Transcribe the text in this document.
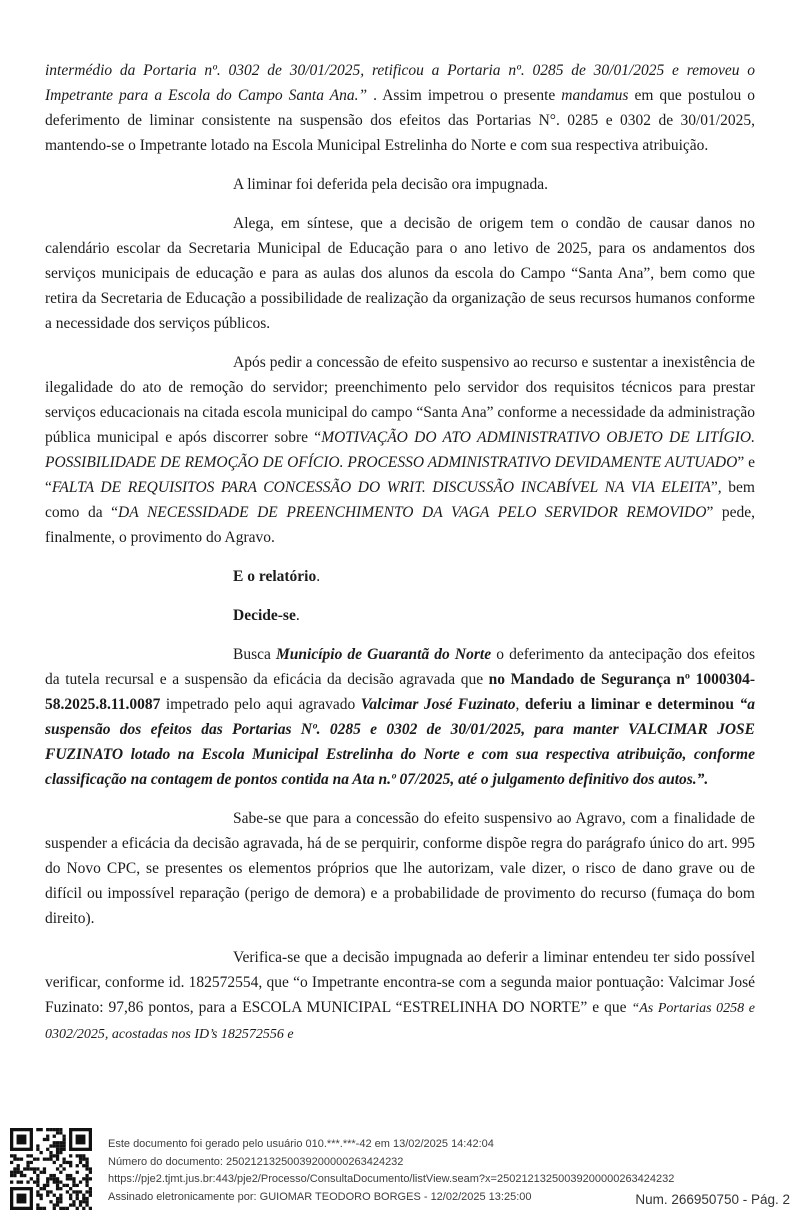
intermédio da Portaria nº. 0302 de 30/01/2025, retificou a Portaria nº. 0285 de 30/01/2025 e removeu o Impetrante para a Escola do Campo Santa Ana.” . Assim impetrou o presente mandamus em que postulou o deferimento de liminar consistente na suspensão dos efeitos das Portarias N°. 0285 e 0302 de 30/01/2025, mantendo-se o Impetrante lotado na Escola Municipal Estrelinha do Norte e com sua respectiva atribuição.

A liminar foi deferida pela decisão ora impugnada.

Alega, em síntese, que a decisão de origem tem o condão de causar danos no calendário escolar da Secretaria Municipal de Educação para o ano letivo de 2025, para os andamentos dos serviços municipais de educação e para as aulas dos alunos da escola do Campo “Santa Ana”, bem como que retira da Secretaria de Educação a possibilidade de realização da organização de seus recursos humanos conforme a necessidade dos serviços públicos.

Após pedir a concessão de efeito suspensivo ao recurso e sustentar a inexistência de ilegalidade do ato de remoção do servidor; preenchimento pelo servidor dos requisitos técnicos para prestar serviços educacionais na citada escola municipal do campo “Santa Ana” conforme a necessidade da administração pública municipal e após discorrer sobre “MOTIVAÇÃO DO ATO ADMINISTRATIVO OBJETO DE LITÍGIO. POSSIBILIDADE DE REMOÇÃO DE OFÍCIO. PROCESSO ADMINISTRATIVO DEVIDAMENTE AUTUADO” e “FALTA DE REQUISITOS PARA CONCESSÃO DO WRIT. DISCUSSÃO INCABÍVEL NA VIA ELEITA”, bem como da “DA NECESSIDADE DE PREENCHIMENTO DA VAGA PELO SERVIDOR REMOVIDO” pede, finalmente, o provimento do Agravo.

E o relatório.

Decide-se.

Busca Município de Guarantã do Norte o deferimento da antecipação dos efeitos da tutela recursal e a suspensão da eficácia da decisão agravada que no Mandado de Segurança nº 1000304-58.2025.8.11.0087 impetrado pelo aqui agravado Valcimar José Fuzinato, deferiu a liminar e determinou “a suspensão dos efeitos das Portarias Nº. 0285 e 0302 de 30/01/2025, para manter VALCIMAR JOSE FUZINATO lotado na Escola Municipal Estrelinha do Norte e com sua respectiva atribuição, conforme classificação na contagem de pontos contida na Ata n.º 07/2025, até o julgamento definitivo dos autos.”.

Sabe-se que para a concessão do efeito suspensivo ao Agravo, com a finalidade de suspender a eficácia da decisão agravada, há de se perquirir, conforme dispõe regra do parágrafo único do art. 995 do Novo CPC, se presentes os elementos próprios que lhe autorizam, vale dizer, o risco de dano grave ou de difícil ou impossível reparação (perigo de demora) e a probabilidade de provimento do recurso (fumaça do bom direito).

Verifica-se que a decisão impugnada ao deferir a liminar entendeu ter sido possível verificar, conforme id. 182572554, que “o Impetrante encontra-se com a segunda maior pontuação: Valcimar José Fuzinato: 97,86 pontos, para a ESCOLA MUNICIPAL “ESTRELINHA DO NORTE” e que “As Portarias 0258 e 0302/2025, acostadas nos ID’s 182572556 e

Este documento foi gerado pelo usuário 010.***.***-42 em 13/02/2025 14:42:04
Número do documento: 25021213250039200000263424232
https://pje2.tjmt.jus.br:443/pje2/Processo/ConsultaDocumento/listView.seam?x=25021213250039200000263424232
Assinado eletronicamente por: GUIOMAR TEODORO BORGES - 12/02/2025 13:25:00	Num. 266950750 - Pág. 2
